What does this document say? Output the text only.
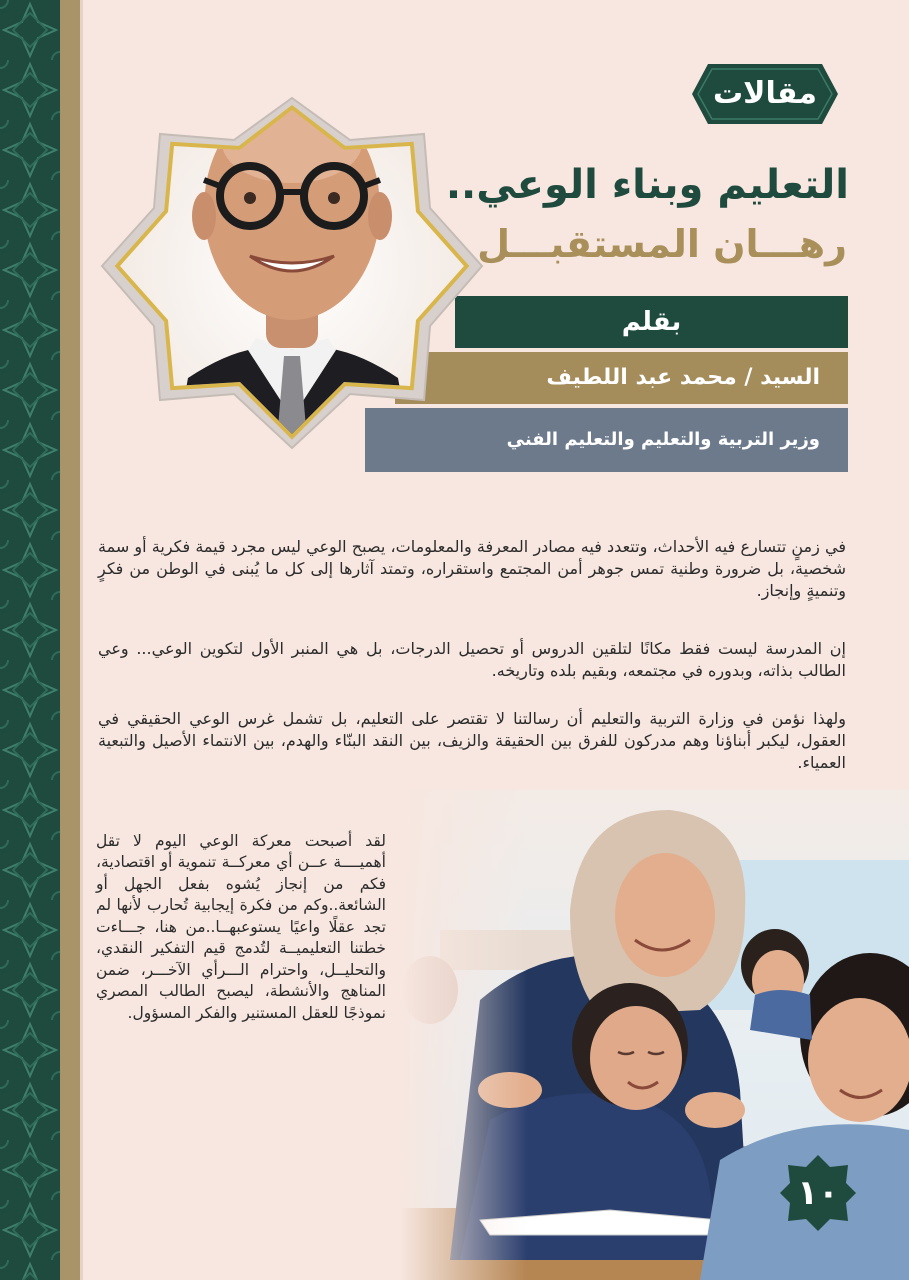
مقالات
التعليم وبناء الوعي..
رهـــان المستقبـــل
وزير التربية والتعليم والتعليم الفني
السيد / محمد عبد اللطيف
بقلم

في زمنٍ تتسارع فيه الأحداث، وتتعدد فيه مصادر المعرفة والمعلومات، يصبح الوعي ليس مجرد قيمة فكرية أو سمة شخصية، بل ضرورة وطنية تمس جوهر أمن المجتمع واستقراره، وتمتد آثارها إلى كل ما يُبنى في الوطن من فكرٍ وتنميةٍ وإنجاز.

إن المدرسة ليست فقط مكانًا لتلقين الدروس أو تحصيل الدرجات، بل هي المنبر الأول لتكوين الوعي... وعي الطالب بذاته، وبدوره في مجتمعه، وبقيم بلده وتاريخه.

ولهذا نؤمن في وزارة التربية والتعليم أن رسالتنا لا تقتصر على التعليم، بل تشمل غرس الوعي الحقيقي في العقول، ليكبر أبناؤنا وهم مدركون للفرق بين الحقيقة والزيف، بين النقد البنّاء والهدم، بين الانتماء الأصيل والتبعية العمياء.

لقد أصبحت معركة الوعي اليوم لا تقل أهميــــة عــن أي معركــة تنموية أو اقتصادية، فكم من إنجاز يُشوه بفعل الجهل أو الشائعة..وكم من فكرة إيجابية تُحارب لأنها لم تجد عقلًا واعيًا يستوعبهــا..من هنا، جـــاءت خطتنا التعليميــة لتُدمج قيم التفكير النقدي، والتحليــل، واحترام الـــرأي الآخـــر، ضمن المناهج والأنشطة، ليصبح الطالب المصري نموذجًا للعقل المستنير والفكر المسؤول.

١٠
